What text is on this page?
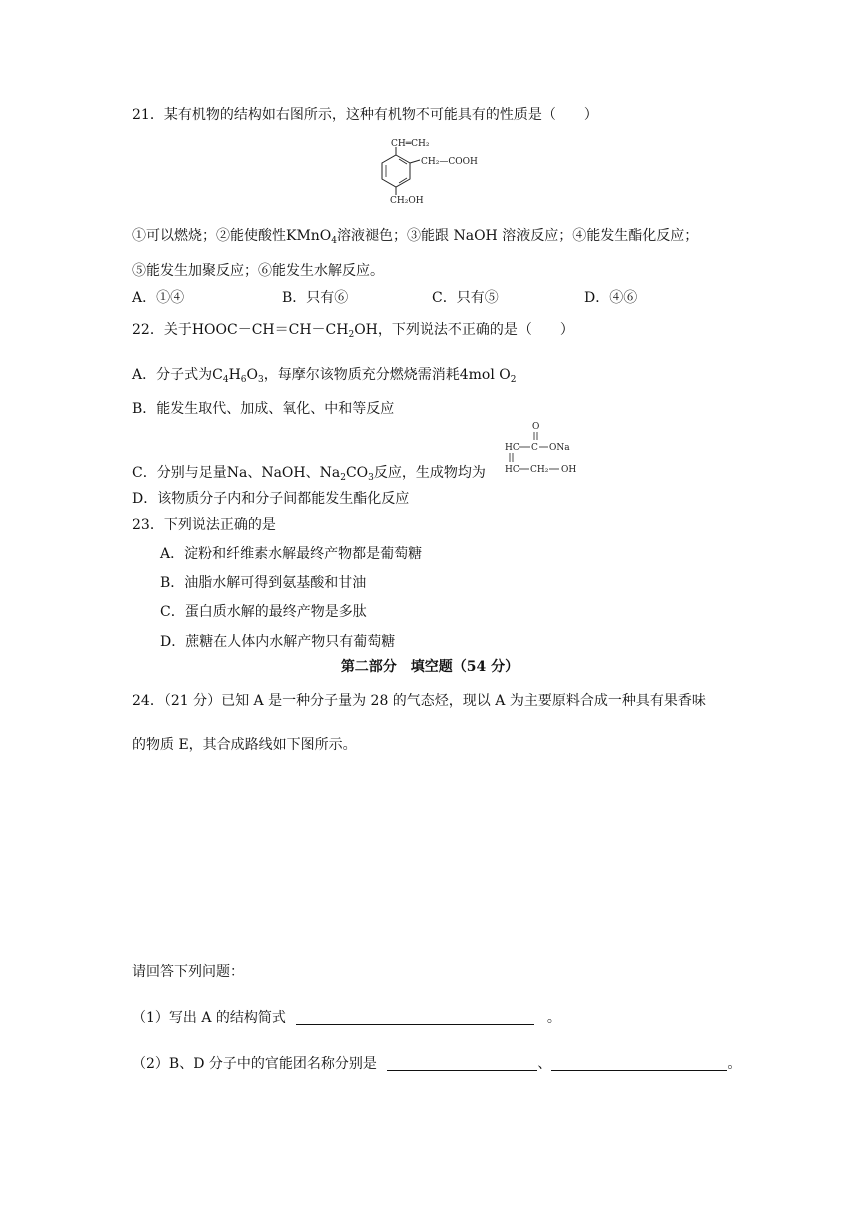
21．某有机物的结构如右图所示，这种有机物不可能具有的性质是（　　）
CH═CH₂
CH₂—COOH
CH₂OH
①可以燃烧；②能使酸性KMnO$_4$溶液褪色；③能跟 NaOH 溶液反应；④能发生酯化反应；
⑤能发生加聚反应；⑥能发生水解反应。
A．①④	B．只有⑥	C．只有⑤	D．④⑥
22．关于$HOOC-CH=CH-CH_2OH$，下列说法不正确的是（　　）
A．分子式为$C_4H_6O_3$，每摩尔该物质充分燃烧需消耗4mol $O_2$
B．能发生取代、加成、氧化、中和等反应
O
HC C ONa
HC CH₂ OH
C．分别与足量Na、NaOH、$Na_2CO_3$反应，生成物均为
D．该物质分子内和分子间都能发生酯化反应
23．下列说法正确的是
A．淀粉和纤维素水解最终产物都是葡萄糖
B．油脂水解可得到氨基酸和甘油
C．蛋白质水解的最终产物是多肽
D．蔗糖在人体内水解产物只有葡萄糖
第二部分　填空题（54 分）
24．（21 分）已知 A 是一种分子量为 28 的气态烃，现以 A 为主要原料合成一种具有果香味
的物质 E，其合成路线如下图所示。
请回答下列问题：
（1）写出 A 的结构简式	。
（2）B、D 分子中的官能团名称分别是	、	。
